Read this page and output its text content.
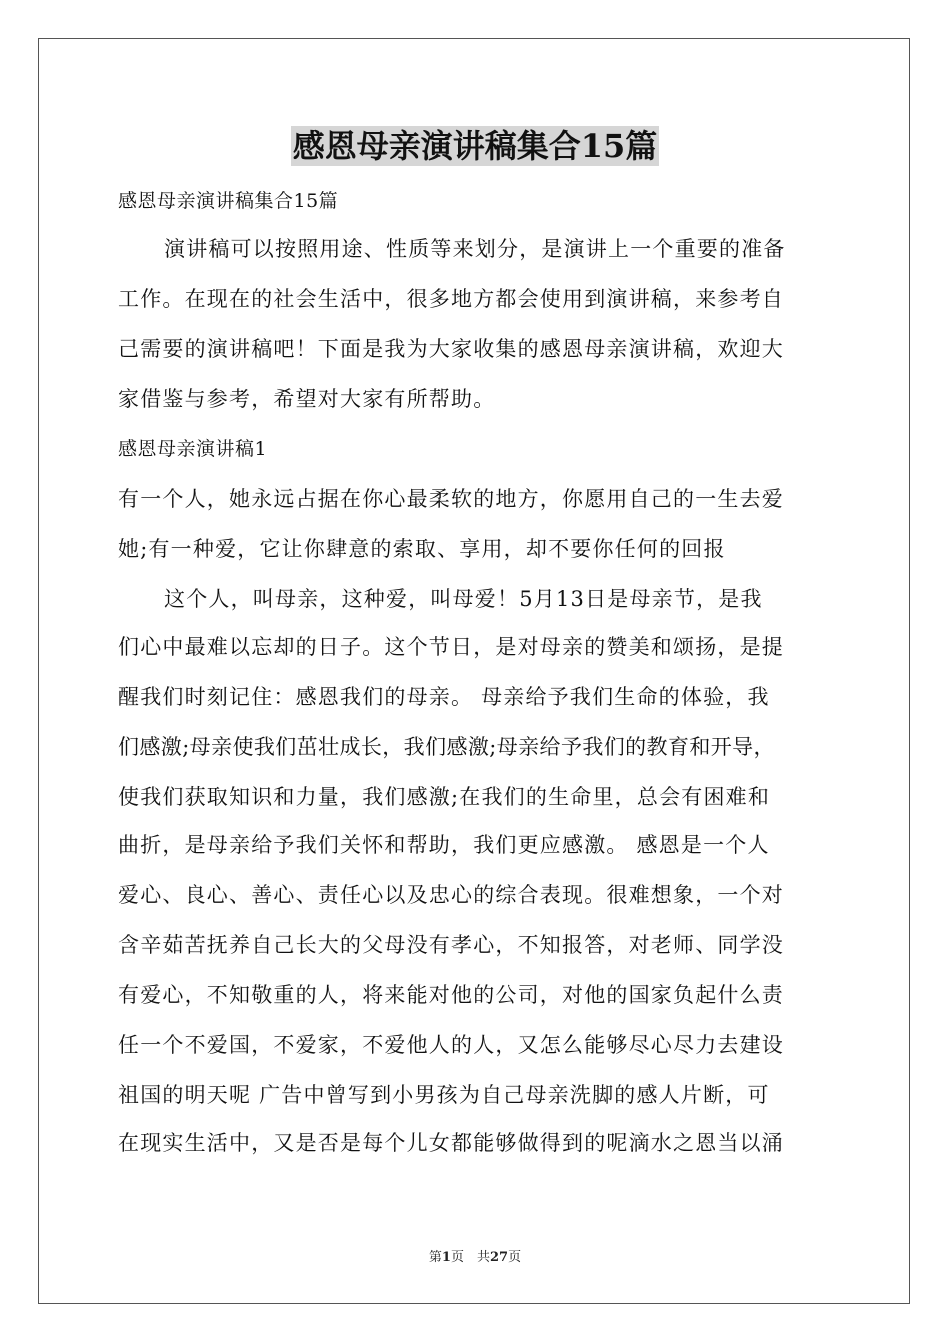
感恩母亲演讲稿集合15篇
感恩母亲演讲稿集合15篇
演讲稿可以按照用途、性质等来划分，是演讲上一个重要的准备
工作。在现在的社会生活中，很多地方都会使用到演讲稿，来参考自
己需要的演讲稿吧！下面是我为大家收集的感恩母亲演讲稿，欢迎大
家借鉴与参考，希望对大家有所帮助。
感恩母亲演讲稿1
有一个人，她永远占据在你心最柔软的地方，你愿用自己的一生去爱
她;有一种爱，它让你肆意的索取、享用，却不要你任何的回报
这个人，叫母亲，这种爱，叫母爱！5月13日是母亲节，是我
们心中最难以忘却的日子。这个节日，是对母亲的赞美和颂扬，是提
醒我们时刻记住：感恩我们的母亲。 母亲给予我们生命的体验，我
们感激;母亲使我们茁壮成长，我们感激;母亲给予我们的教育和开导，
使我们获取知识和力量，我们感激;在我们的生命里，总会有困难和
曲折，是母亲给予我们关怀和帮助，我们更应感激。 感恩是一个人
爱心、良心、善心、责任心以及忠心的综合表现。很难想象，一个对
含辛茹苦抚养自己长大的父母没有孝心，不知报答，对老师、同学没
有爱心，不知敬重的人，将来能对他的公司，对他的国家负起什么责
任一个不爱国，不爱家，不爱他人的人，又怎么能够尽心尽力去建设
祖国的明天呢 广告中曾写到小男孩为自己母亲洗脚的感人片断，可
在现实生活中，又是否是每个儿女都能够做得到的呢滴水之恩当以涌
第1页　共27页
